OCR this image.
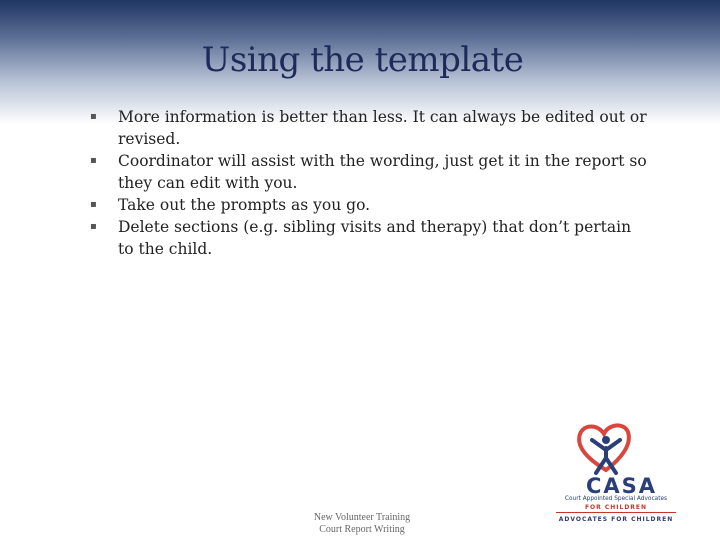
Using the template
▪ More information is better than less. It can always be edited out or revised.
▪ Coordinator will assist with the wording, just get it in the report so they can edit with you.
▪ Take out the prompts as you go.
▪ Delete sections (e.g. sibling visits and therapy) that don’t pertain to the child.
CASA
Court Appointed Special Advocates
FOR CHILDREN
ADVOCATES FOR CHILDREN
New Volunteer Training
Court Report Writing
